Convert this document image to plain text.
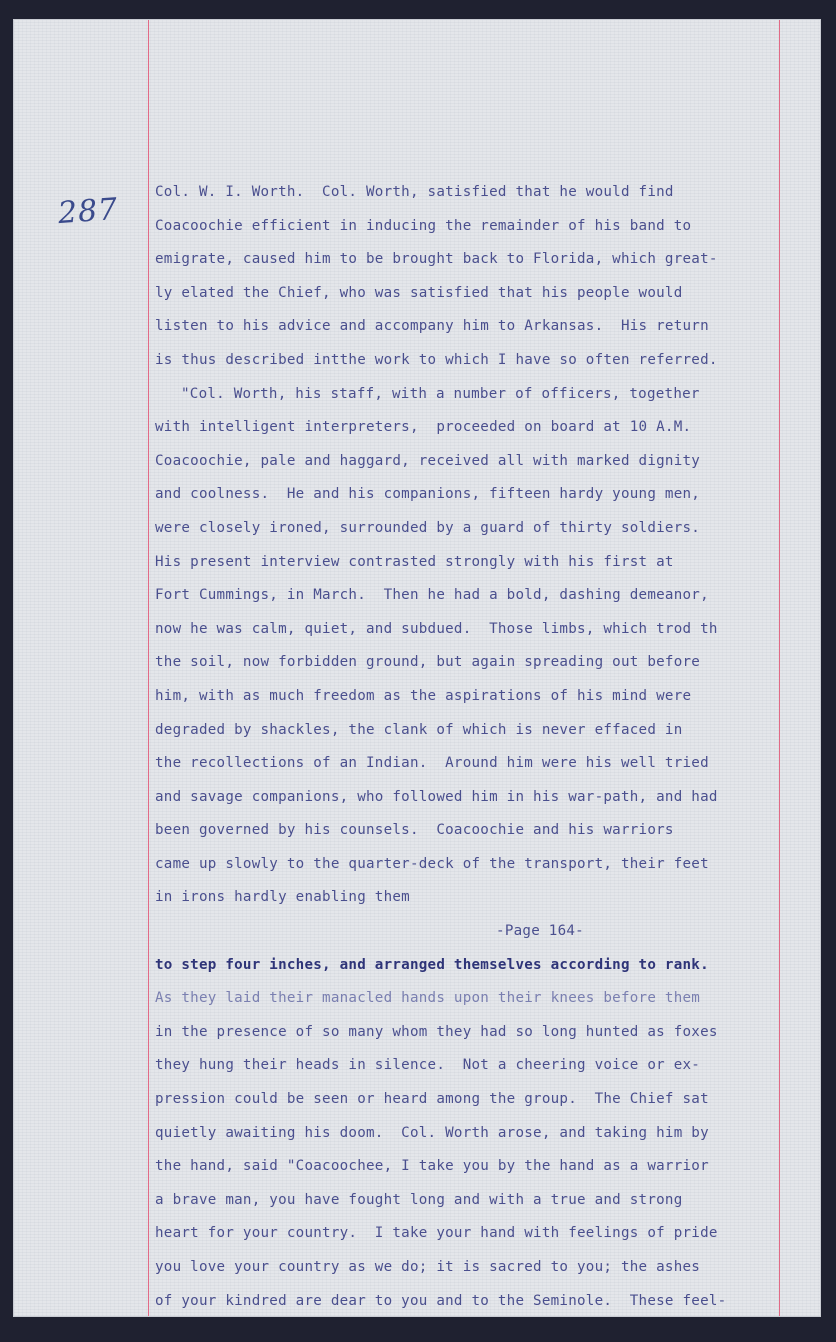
287	Col. W. I. Worth.  Col. Worth, satisfied that he would find
Coacoochie efficient in inducing the remainder of his band to
emigrate, caused him to be brought back to Florida, which great-
ly elated the Chief, who was satisfied that his people would
listen to his advice and accompany him to Arkansas.  His return
is thus described intthe work to which I have so often referred.
"Col. Worth, his staff, with a number of officers, together
with intelligent interpreters,  proceeded on board at 10 A.M.
Coacoochie, pale and haggard, received all with marked dignity
and coolness.  He and his companions, fifteen hardy young men,
were closely ironed, surrounded by a guard of thirty soldiers.
His present interview contrasted strongly with his first at
Fort Cummings, in March.  Then he had a bold, dashing demeanor,
now he was calm, quiet, and subdued.  Those limbs, which trod th
the soil, now forbidden ground, but again spreading out before
him, with as much freedom as the aspirations of his mind were
degraded by shackles, the clank of which is never effaced in
the recollections of an Indian.  Around him were his well tried
and savage companions, who followed him in his war-path, and had
been governed by his counsels.  Coacoochie and his warriors
came up slowly to the quarter-deck of the transport, their feet
in irons hardly enabling them
-Page 164-
to step four inches, and arranged themselves according to rank.
As they laid their manacled hands upon their knees before them
in the presence of so many whom they had so long hunted as foxes
they hung their heads in silence.  Not a cheering voice or ex-
pression could be seen or heard among the group.  The Chief sat
quietly awaiting his doom.  Col. Worth arose, and taking him by
the hand, said "Coacoochee, I take you by the hand as a warrior
a brave man, you have fought long and with a true and strong
heart for your country.  I take your hand with feelings of pride
you love your country as we do; it is sacred to you; the ashes
of your kindred are dear to you and to the Seminole.  These feel-
